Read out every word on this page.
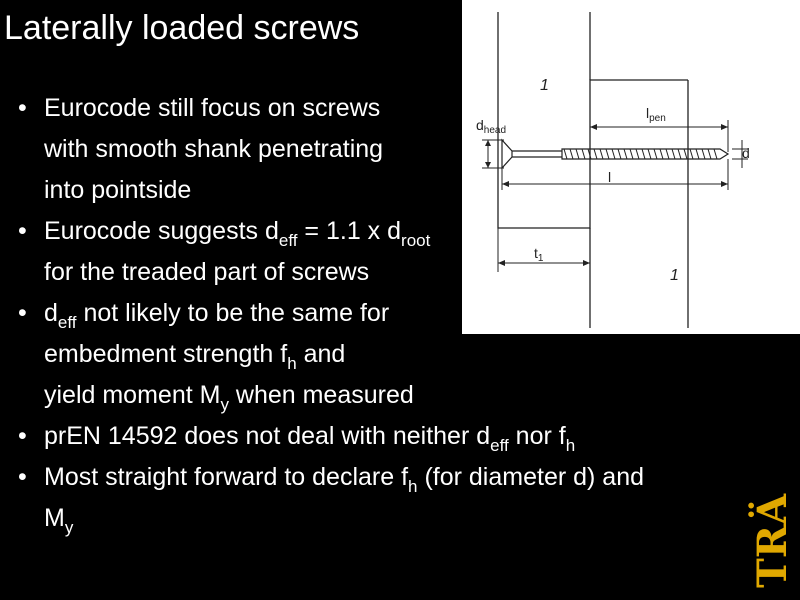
Laterally loaded screws
• Eurocode still focus on screws
with smooth shank penetrating
into pointside
• Eurocode suggests $d_{eff} = 1.1$ x $d_{root}$
for the treaded part of screws
• $d_{eff}$ not likely to be the same for
embedment strength $f_h$ and
yield moment $M_y$ when measured
• prEN 14592 does not deal with neither $d_{eff}$ nor $f_h$
• Most straight forward to declare $f_h$ (for diameter d) and
$M_y$
$d_{head}$
$l_{pen}$
d
l
$t_1$
1
1
TRÄ
